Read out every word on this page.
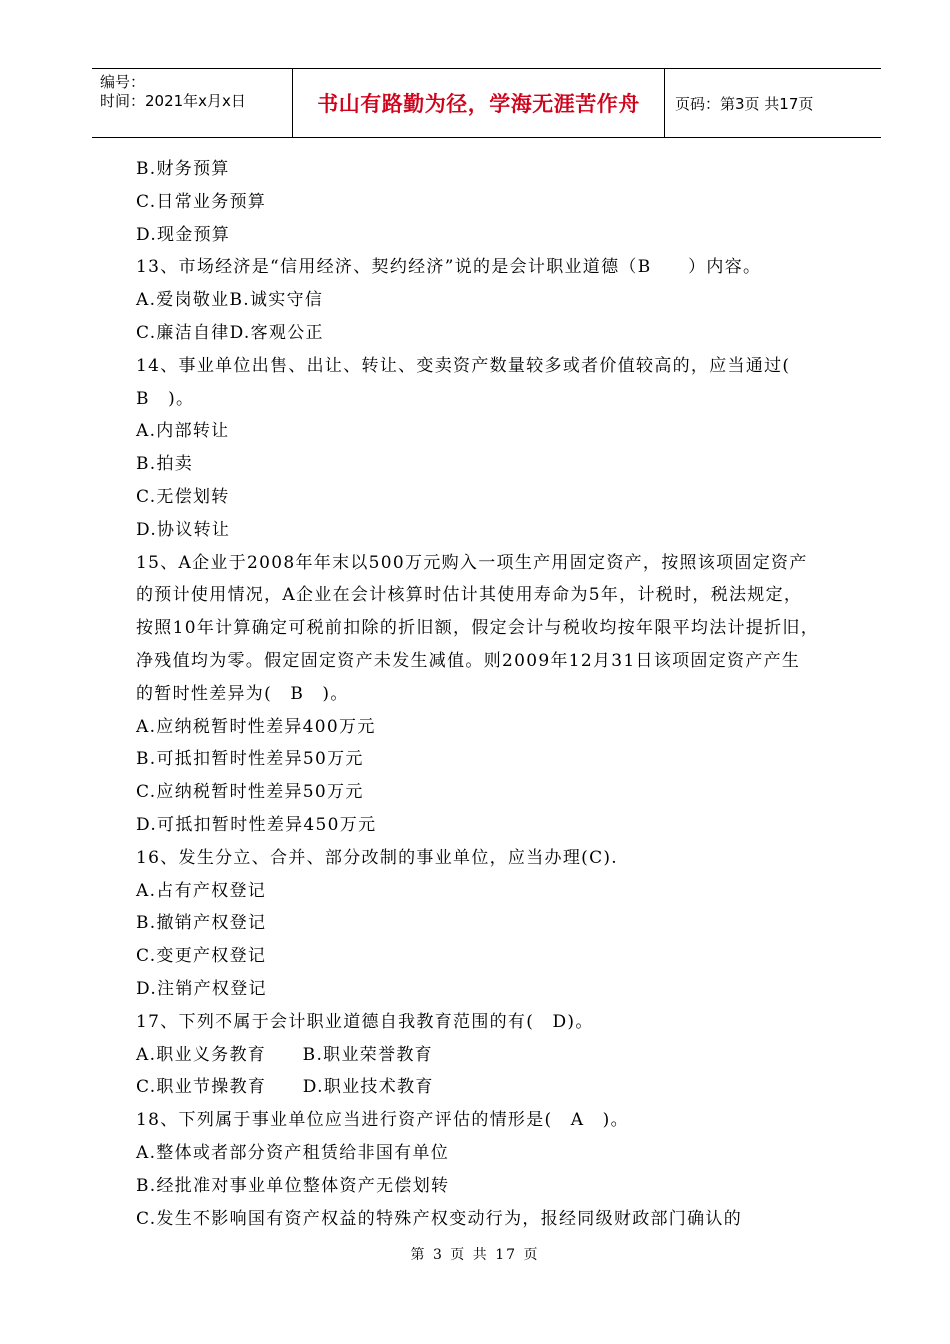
编号：
时间：2021年x月x日	书山有路勤为径，学海无涯苦作舟 页码：第3页 共17页
B.财务预算
C.日常业务预算
D.现金预算
13、市场经济是“信用经济、契约经济”说的是会计职业道德（B　　）内容。
A.爱岗敬业B.诚实守信
C.廉洁自律D.客观公正
14、事业单位出售、出让、转让、变卖资产数量较多或者价值较高的，应当通过(
B　)。
A.内部转让
B.拍卖
C.无偿划转
D.协议转让
15、A企业于2008年年末以500万元购入一项生产用固定资产，按照该项固定资产
的预计使用情况，A企业在会计核算时估计其使用寿命为5年，计税时，税法规定，
按照10年计算确定可税前扣除的折旧额，假定会计与税收均按年限平均法计提折旧，
净残值均为零。假定固定资产未发生减值。则2009年12月31日该项固定资产产生
的暂时性差异为(　B　)。
A.应纳税暂时性差异400万元
B.可抵扣暂时性差异50万元
C.应纳税暂时性差异50万元
D.可抵扣暂时性差异450万元
16、发生分立、合并、部分改制的事业单位，应当办理(C).
A.占有产权登记
B.撤销产权登记
C.变更产权登记
D.注销产权登记
17、下列不属于会计职业道德自我教育范围的有(　D)。
A.职业义务教育　　B.职业荣誉教育
C.职业节操教育　　D.职业技术教育
18、下列属于事业单位应当进行资产评估的情形是(　A　)。
A.整体或者部分资产租赁给非国有单位
B.经批准对事业单位整体资产无偿划转
C.发生不影响国有资产权益的特殊产权变动行为，报经同级财政部门确认的
第 3 页 共 17 页
